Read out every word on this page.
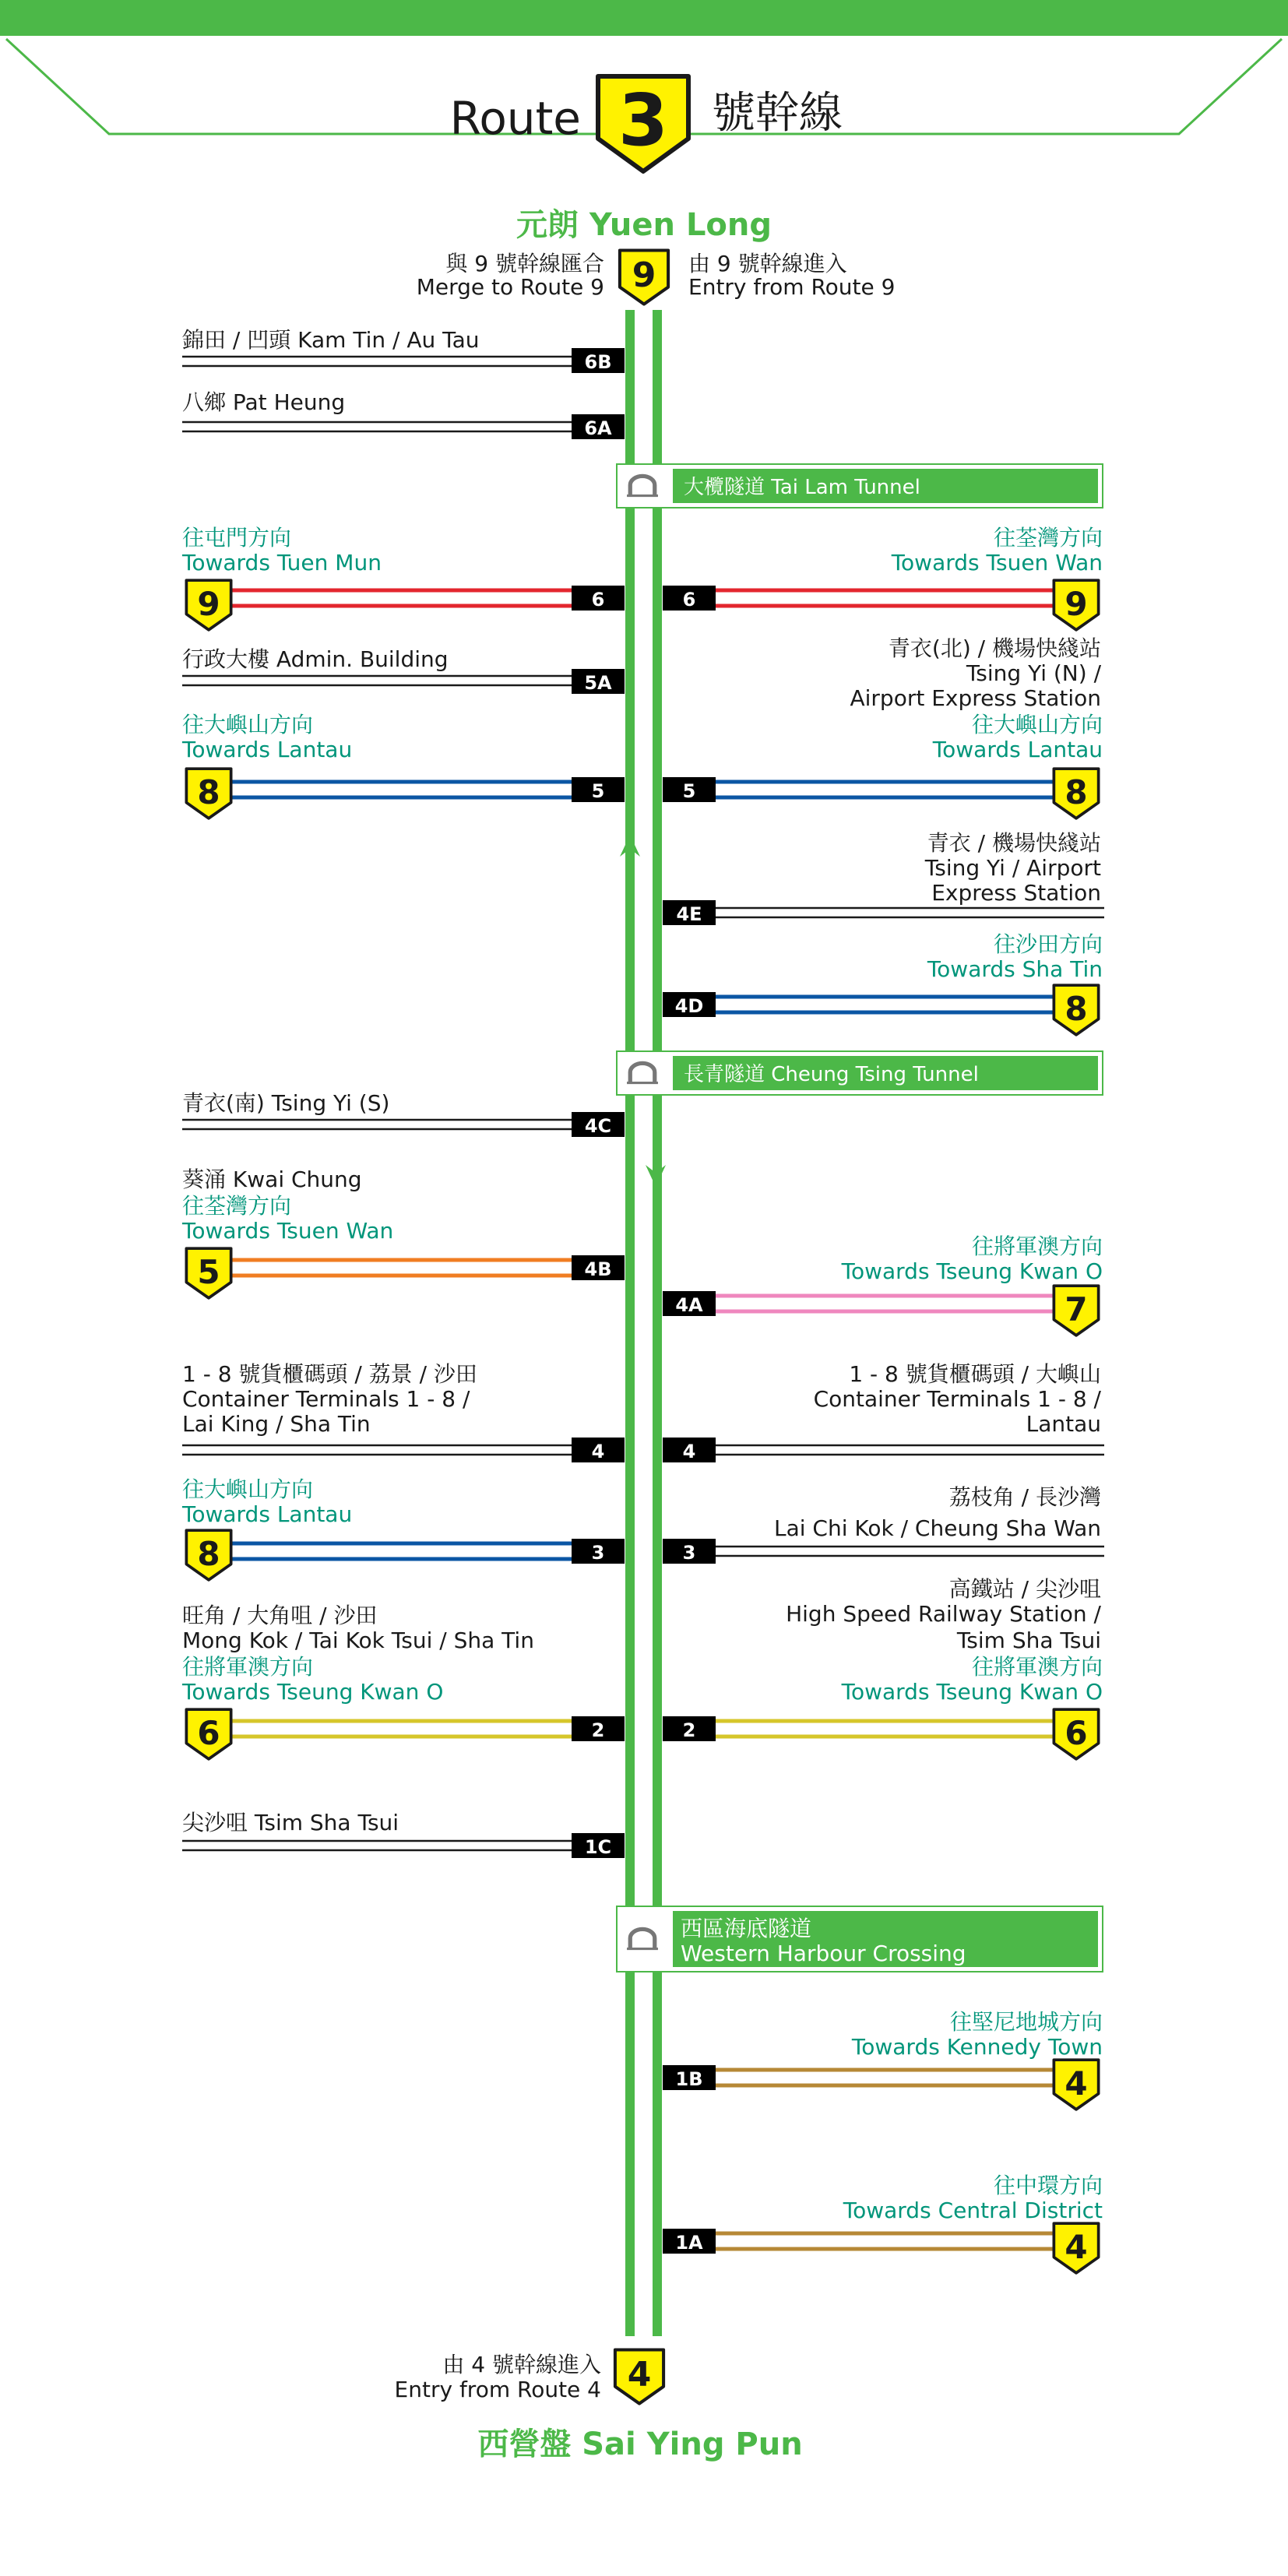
Route 3 號幹線
元朗 Yuen Long
與 9 號幹線匯合
Merge to Route 9 9 由 9 號幹線進入
Entry from Route 9
錦田 / 凹頭 Kam Tin / Au Tau
6B
八鄉 Pat Heung
6A
大欖隧道 Tai Lam Tunnel
往屯門方向
Towards Tuen Mun
6
9
往荃灣方向
Towards Tsuen Wan
6	9
行政大樓 Admin. Building
5A
青衣(北) / 機場快綫站
Tsing Yi (N) /
Airport Express Station
往大嶼山方向
Towards Lantau
5
8
往大嶼山方向
Towards Lantau
5	8
青衣 / 機場快綫站
Tsing Yi / Airport
Express Station
4E
往沙田方向
Towards Sha Tin
4D	8
長青隧道 Cheung Tsing Tunnel
青衣(南) Tsing Yi (S)
4C
葵涌 Kwai Chung
往荃灣方向
Towards Tsuen Wan
4B
5
往將軍澳方向
Towards Tseung Kwan O
4A	7
1 - 8 號貨櫃碼頭 / 荔景 / 沙田
Container Terminals 1 - 8 /
Lai King / Sha Tin
4
1 - 8 號貨櫃碼頭 / 大嶼山
Container Terminals 1 - 8 /
Lantau
4
往大嶼山方向
Towards Lantau
3
8
荔枝角 / 長沙灣
Lai Chi Kok / Cheung Sha Wan
3
旺角 / 大角咀 / 沙田
Mong Kok / Tai Kok Tsui / Sha Tin
往將軍澳方向
Towards Tseung Kwan O
2
6
高鐵站 / 尖沙咀
High Speed Railway Station /
Tsim Sha Tsui
往將軍澳方向
Towards Tseung Kwan O
2	6
尖沙咀 Tsim Sha Tsui
1C
西區海底隧道
Western Harbour Crossing
往堅尼地城方向
Towards Kennedy Town
1B	4
往中環方向
Towards Central District
1A	4
由 4 號幹線進入
Entry from Route 4 4
西營盤 Sai Ying Pun
